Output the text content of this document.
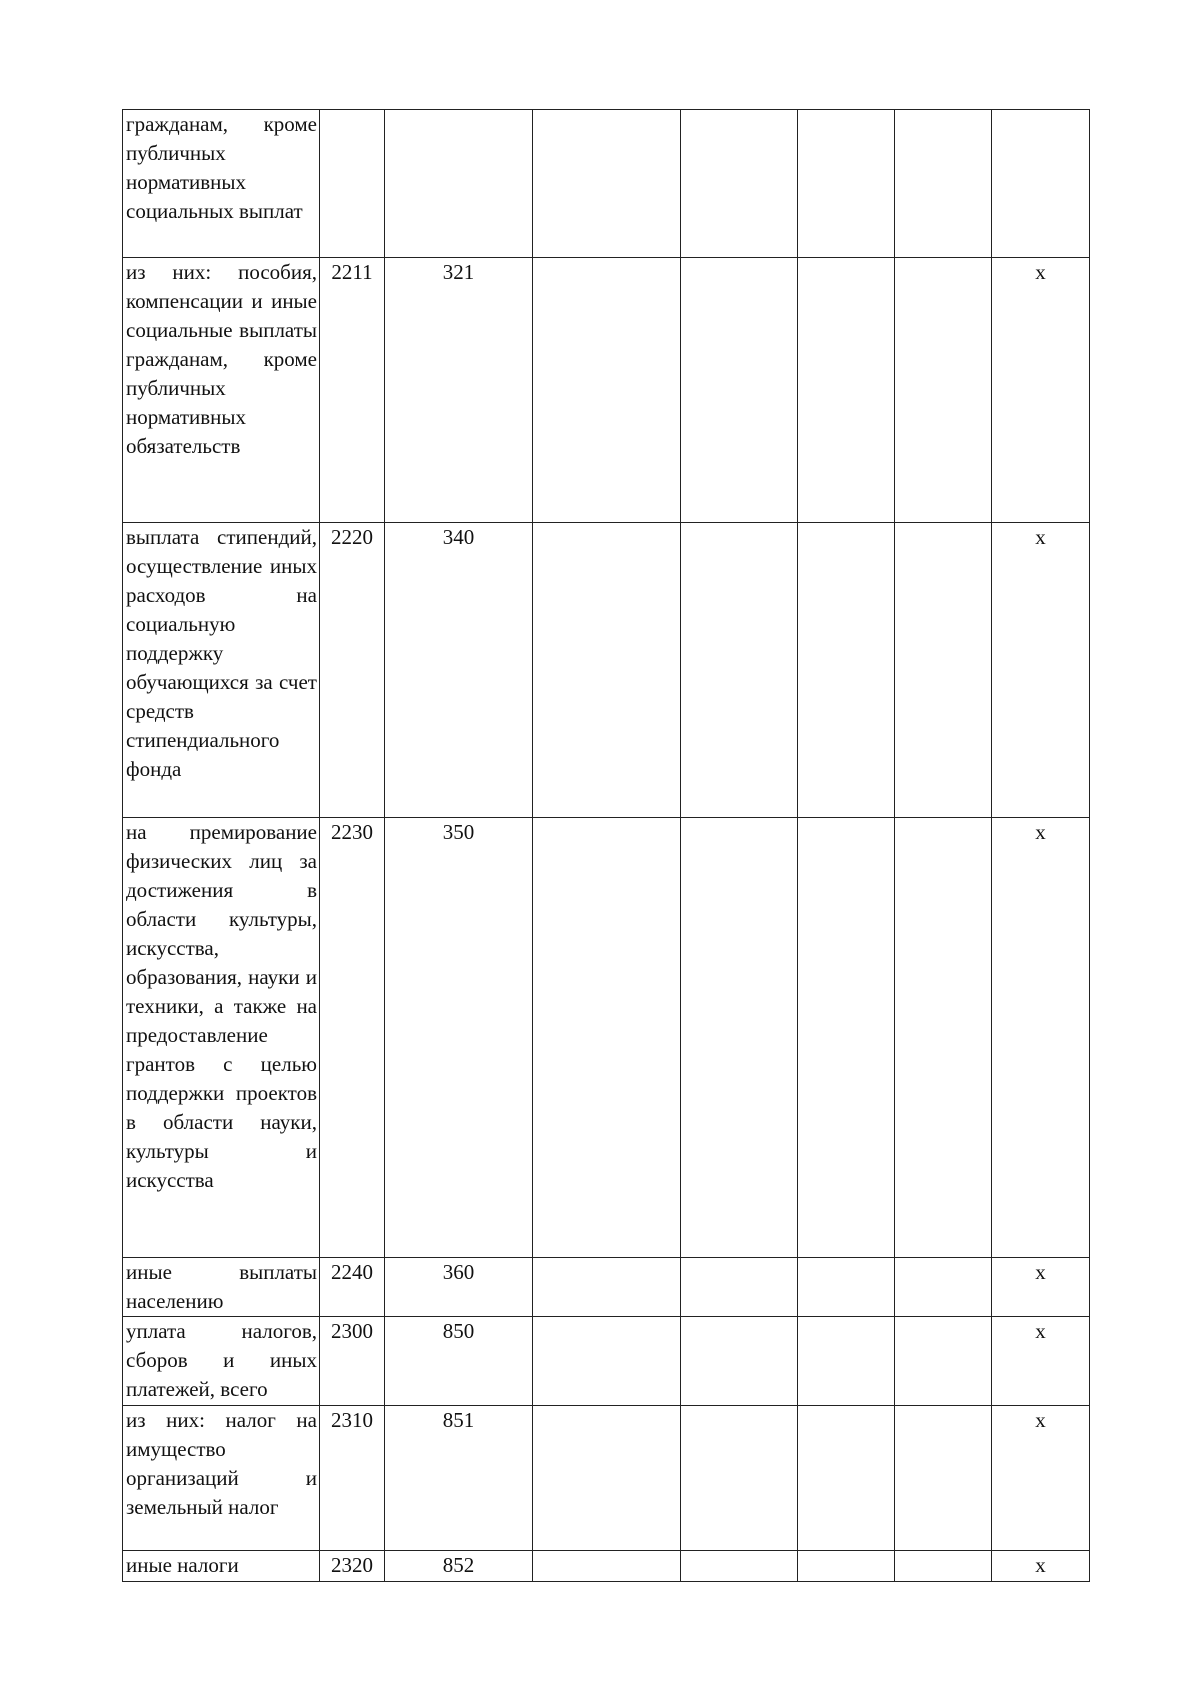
гражданам, кроме публичных нормативных социальных выплат							
из них: пособия, компенсации и иные социальные выплаты гражданам, кроме публичных нормативных обязательств	2211	321					x
выплата стипендий, осуществление иных расходов на социальную поддержку обучающихся за счет средств стипендиального фонда	2220	340					x
на премирование физических лиц за достижения в области культуры, искусства, образования, науки и техники, а также на предоставление грантов с целью поддержки проектов в области науки, культуры и искусства	2230	350					x
иные выплаты населению	2240	360					x
уплата налогов, сборов и иных платежей, всего	2300	850					x
из них: налог на имущество организаций и земельный налог	2310	851					x
иные налоги	2320	852					x
